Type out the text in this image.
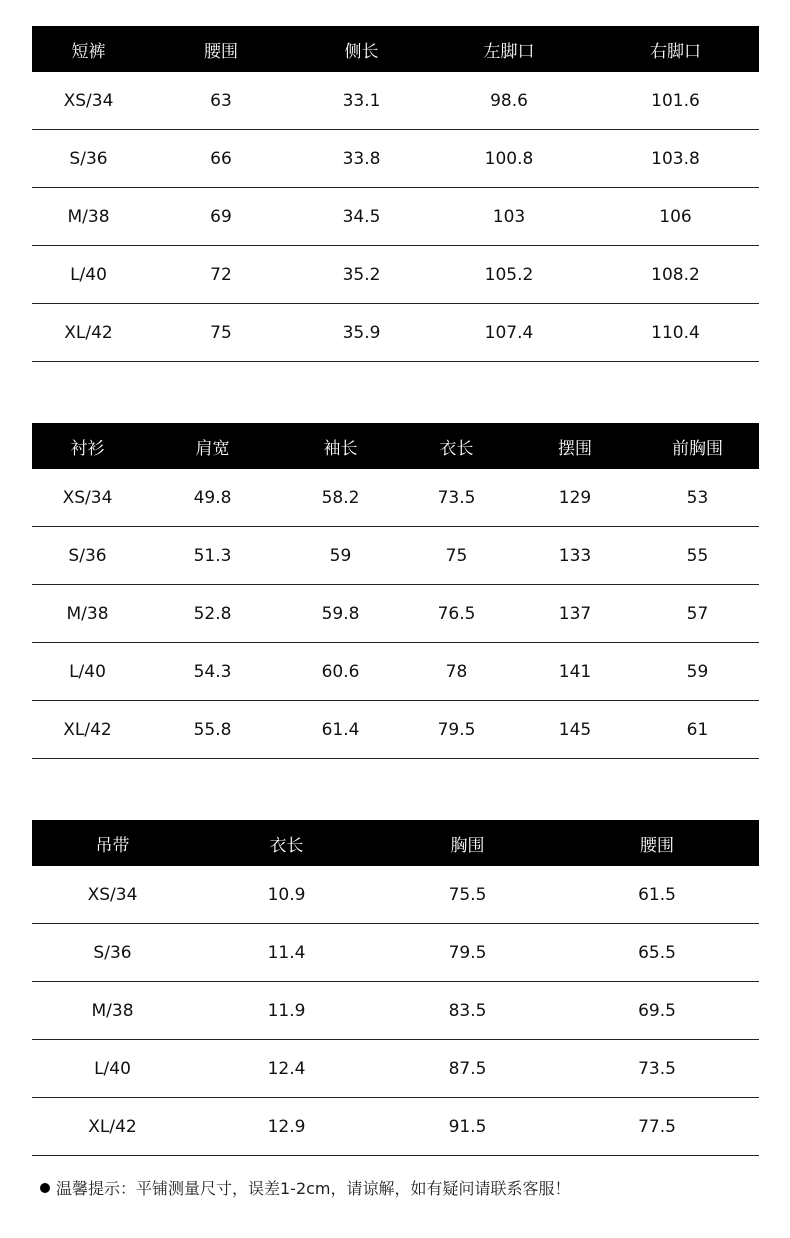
短裤	腰围	侧长	左脚口	右脚口
XS/34	63	33.1	98.6	101.6
S/36	66	33.8	100.8	103.8
M/38	69	34.5	103	106
L/40	72	35.2	105.2	108.2
XL/42	75	35.9	107.4	110.4
衬衫	肩宽	袖长	衣长	摆围	前胸围
XS/34	49.8	58.2	73.5	129	53
S/36	51.3	59	75	133	55
M/38	52.8	59.8	76.5	137	57
L/40	54.3	60.6	78	141	59
XL/42	55.8	61.4	79.5	145	61
吊带	衣长	胸围	腰围
XS/34	10.9	75.5	61.5
S/36	11.4	79.5	65.5
M/38	11.9	83.5	69.5
L/40	12.4	87.5	73.5
XL/42	12.9	91.5	77.5
温馨提示：平铺测量尺寸，误差1-2cm，请谅解，如有疑问请联系客服！
